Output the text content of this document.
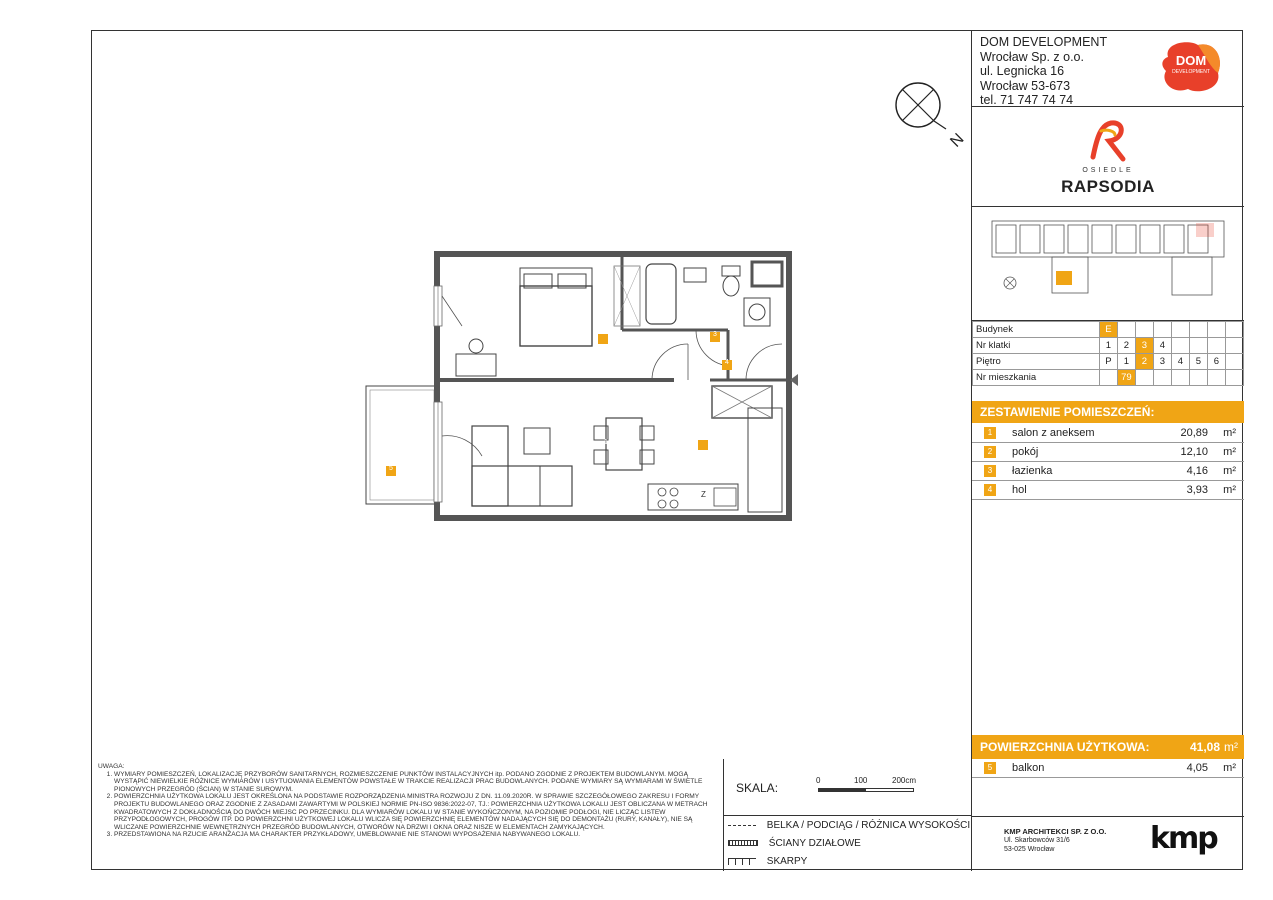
N
1
2	3
4
5
Z
DOM DEVELOPMENT
Wrocław Sp. z o.o.
ul. Legnicka 16
Wrocław 53-673
tel. 71 747 74 74
DOM
DEVELOPMENT
OSIEDLE
RAPSODIA
Budynek	E							
Nr klatki	1	2	3	4				
Piętro	P	1	2	3	4	5	6	
Nr mieszkania		79						
ZESTAWIENIE POMIESZCZEŃ:
1	salon z aneksem	20,89 m²
2	pokój	12,10 m²
3	łazienka	4,16 m²
4	hol	3,93 m²
POWIERZCHNIA UŻYTKOWA:	41,08 m²
5	balkon	4,05 m²
UWAGA:
1. WYMIARY POMIESZCZEŃ, LOKALIZACJĘ PRZYBORÓW SANITARNYCH, ROZMIESZCZENIE PUNKTÓW INSTALACYJNYCH itp. PODANO ZGODNIE Z PROJEKTEM BUDOWLANYM. MOGĄ WYSTĄPIĆ NIEWIELKIE RÓŻNICE WYMIARÓW I USYTUOWANIA ELEMENTÓW POWSTAŁE W TRAKCIE REALIZACJI PRAC BUDOWLANYCH. PODANE WYMIARY SĄ WYMIARAMI W ŚWIETLE PIONOWYCH PRZEGRÓD (ŚCIAN) W STANIE SUROWYM.
2. POWIERZCHNIA UŻYTKOWA LOKALU JEST OKREŚLONA NA PODSTAWIE ROZPORZĄDZENIA MINISTRA ROZWOJU Z DN. 11.09.2020R. W SPRAWIE SZCZEGÓŁOWEGO ZAKRESU I FORMY PROJEKTU BUDOWLANEGO ORAZ ZGODNIE Z ZASADAMI ZAWARTYMI W POLSKIEJ NORMIE PN-ISO 9836:2022-07, TJ.: POWIERZCHNIA UŻYTKOWA LOKALU JEST OBLICZANA W METRACH KWADRATOWYCH Z DOKŁADNOŚCIĄ DO DWÓCH MIEJSC PO PRZECINKU. DLA WYMIARÓW LOKALU W STANIE WYKOŃCZONYM, NA POZIOMIE PODŁOGI, NIE LICZĄC LISTEW PRZYPODŁOGOWYCH, PROGÓW ITP. DO POWIERZCHNI UŻYTKOWEJ LOKALU WLICZA SIĘ POWIERZCHNIĘ ELEMENTÓW NADAJĄCYCH SIĘ DO DEMONTAŻU (RURY, KANAŁY), NIE SĄ WLICZANE POWIERZCHNIE WEWNĘTRZNYCH PRZEGRÓD BUDOWLANYCH, OTWORÓW NA DRZWI I OKNA ORAZ NISZE W ELEMENTACH ZAMYKAJĄCYCH.
3. PRZEDSTAWIONA NA RZUCIE ARANŻACJA MA CHARAKTER PRZYKŁADOWY, UMEBLOWANIE NIE STANOWI WYPOSAŻENIA NABYWANEGO LOKALU.
SKALA:
0	100	200cm
BELKA / PODCIĄG / RÓŻNICA WYSOKOŚCI
ŚCIANY DZIAŁOWE
SKARPY
KMP ARCHITEKCI SP. Z O.O.
Ul. Skarbowców 31/6
53-025 Wrocław	kmp
